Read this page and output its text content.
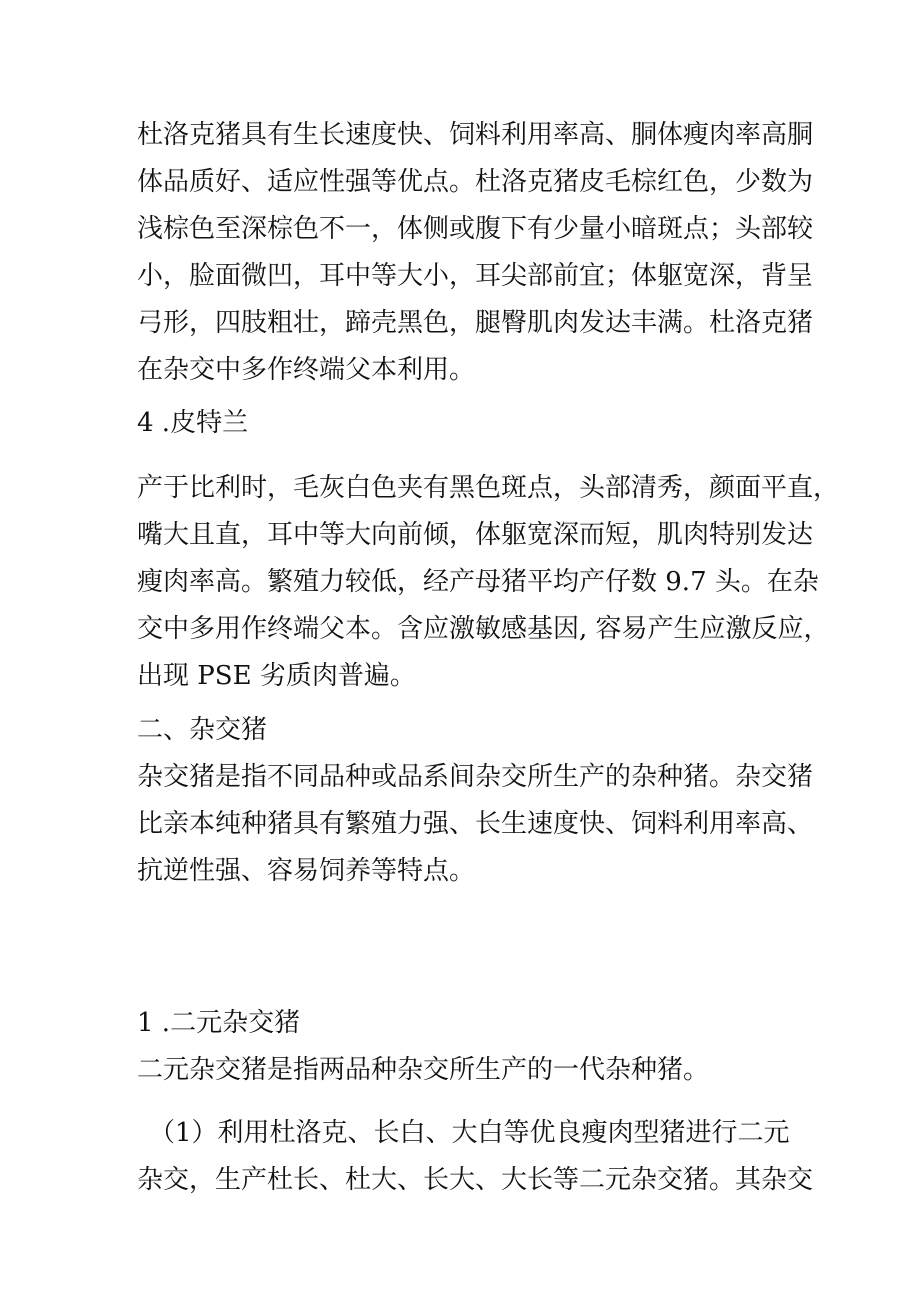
杜洛克猪具有生长速度快、饲料利用率高、胴体瘦肉率高胴
体品质好、适应性强等优点。杜洛克猪皮毛棕红色，少数为
浅棕色至深棕色不一，体侧或腹下有少量小暗斑点；头部较
小，脸面微凹，耳中等大小，耳尖部前宜；体躯宽深，背呈
弓形，四肢粗壮，蹄壳黑色，腿臀肌肉发达丰满。杜洛克猪
在杂交中多作终端父本利用。
4 .皮特兰
产于比利时，毛灰白色夹有黑色斑点，头部清秀，颜面平直，
嘴大且直，耳中等大向前倾，体躯宽深而短，肌肉特别发达
瘦肉率高。繁殖力较低，经产母猪平均产仔数 9.7 头。在杂
交中多用作终端父本。含应激敏感基因, 容易产生应激反应，
出现 PSE 劣质肉普遍。
二、杂交猪
杂交猪是指不同品种或品系间杂交所生产的杂种猪。杂交猪
比亲本纯种猪具有繁殖力强、长生速度快、饲料利用率高、
抗逆性强、容易饲养等特点。
1 .二元杂交猪
二元杂交猪是指两品种杂交所生产的一代杂种猪。
（1）利用杜洛克、长白、大白等优良瘦肉型猪进行二元
杂交，生产杜长、杜大、长大、大长等二元杂交猪。其杂交
